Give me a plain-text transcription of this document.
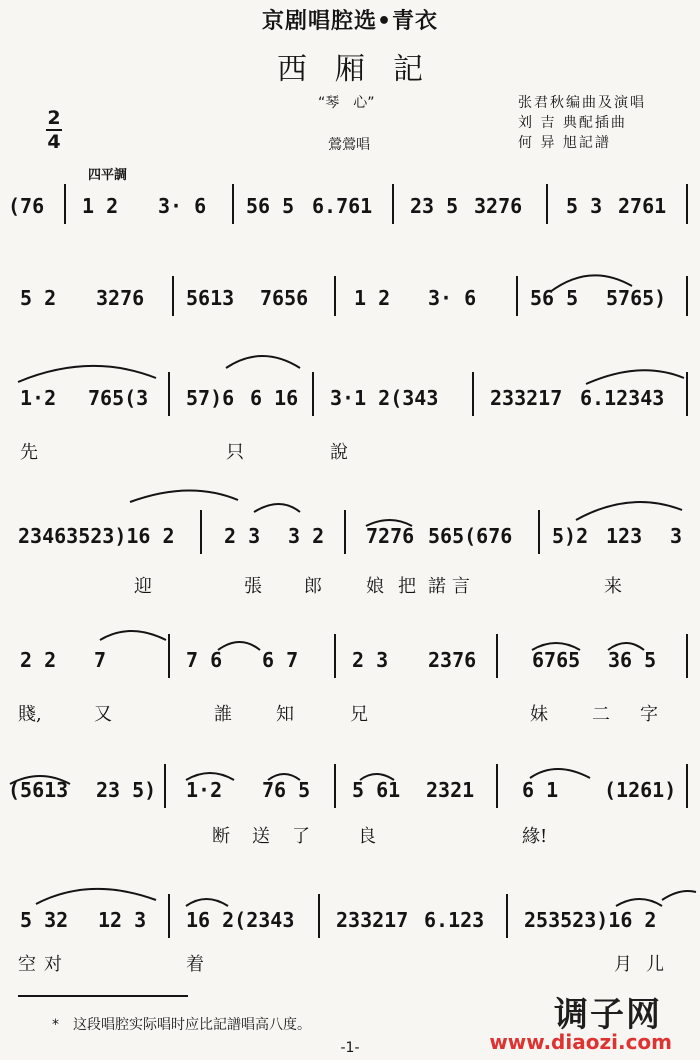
京剧唱腔选•青衣
西厢記
“琴　心”	张君秋编曲及演唱
刘 吉 典配插曲
何 异 旭記譜
鶯鶯唱
2
4
四平調
(76 1 2 3· 6 56 5 6.761 23 5 3276 5 3 2761
5 2 3276 5613 7656 1 2 3· 6	56 5 5765)
1·2 765(3 57)6 6 16 3·1 2(343	233217 6.12343
先	只	說
23463523)16 2 2 3 3 2 7276 565(676 5)2 123 3
迎	張 郎 娘 把 諾 言	来
2 2 7	7 6 6 7	2 3 2376	6765 36 5
賤,	又	誰 知	兄	妹 二 字
(5613 23 5) 1·2 76 5 5 61 2321 6 1 (1261)
断 送 了	良	緣!
5 32 12 3 16 2(2343 233217 6.123 253523)16 2
空 对	着	月 儿
*　这段唱腔实际唱时应比記譜唱高八度。
-1-
调子网
www.diaozi.com
